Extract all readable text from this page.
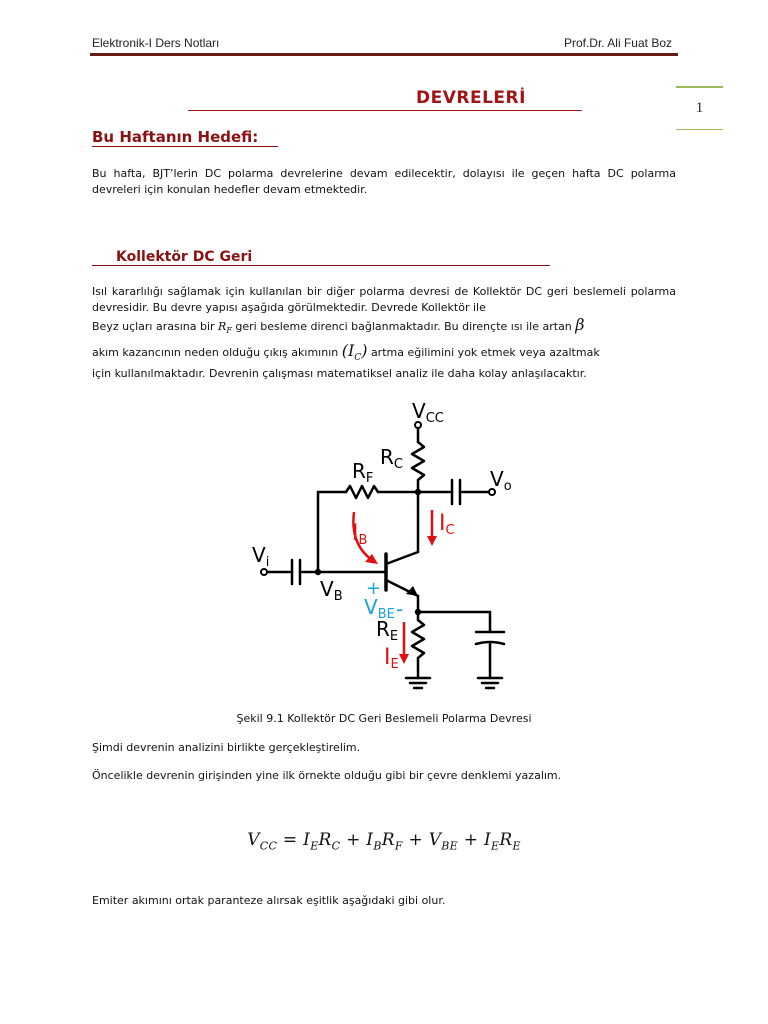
Elektronik-I Ders Notları	Prof.Dr. Ali Fuat Boz
1
DEVRELERİ
Bu Haftanın Hedefi:
Bu hafta, BJT’lerin DC polarma devrelerine devam edilecektir, dolayısı ile geçen hafta DC polarma devreleri için konulan hedefler devam etmektedir.
Kollektör DC Geri
Isıl kararlılığı sağlamak için kullanılan bir diğer polarma devresi de Kollektör DC geri beslemeli polarma devresidir. Bu devre yapısı aşağıda görülmektedir. Devrede Kollektör ile
Beyz uçları arasına bir $R_F$ geri besleme direnci bağlanmaktadır. Bu dirençte ısı ile artan β
akım kazancının neden olduğu çıkış akımının $(I_C)$ artma eğilimini yok etmek veya azaltmak
için kullanılmaktadır. Devrenin çalışması matematiksel analiz ile daha kolay anlaşılacaktır.
$V_{CC}$
$R_C$
$R_F$	$V_o$
IC
IB
$V_i$
$V_B$ +
$V_{BE}$ -
$R_E$
IE
Şekil 9.1 Kollektör DC Geri Beslemeli Polarma Devresi
Şimdi devrenin analizini birlikte gerçekleştirelim.
Öncelikle devrenin girişinden yine ilk örnekte olduğu gibi bir çevre denklemi yazalım.
$V_{CC} = I_ER_C + I_BR_F + V_{BE} + I_ER_E$
Emiter akımını ortak paranteze alırsak eşitlik aşağıdaki gibi olur.
